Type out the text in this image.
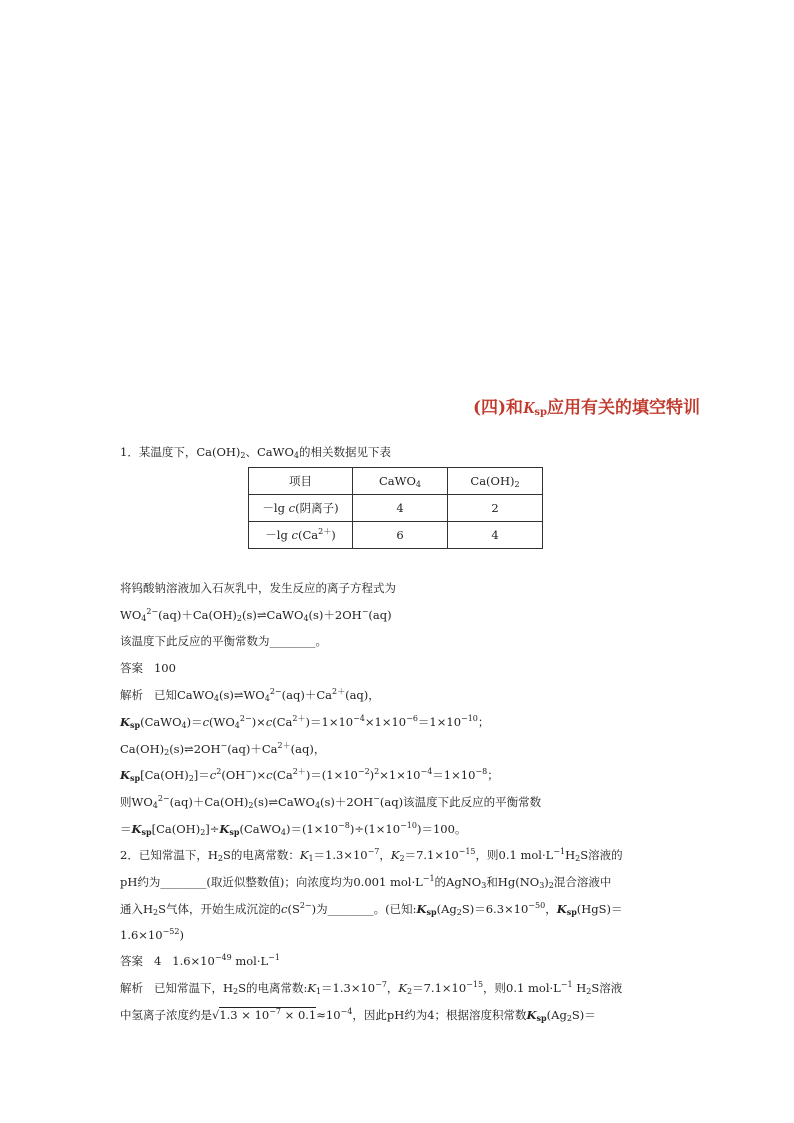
(四)和$K_{sp}$应用有关的填空特训
1．某温度下，$Ca(OH)_2$、CaWO$_4$的相关数据见下表
项目	CaWO$_4$	$Ca(OH)_2$
－lg c(阴离子)	4	2
－lg $c(Ca^{2+})$	6	4
将钨酸钠溶液加入石灰乳中，发生反应的离子方程式为
$WO_4^{2-}(aq)+Ca(OH)_2(s)\rightleftharpoons CaWO_4(s)+2OH^-(aq)$
该温度下此反应的平衡常数为________。
答案 100
解析   已知$CaWO_4(s)\rightleftharpoons WO_4^{2-}(aq)+Ca^{2+}(aq)$，
$K_{sp}(CaWO_4)=c(WO_4^{2-})\times c(Ca^{2+})=1\times 10^{-4}\times 1\times 10^{-6}=1\times 10^{-10}$；
$Ca(OH)_2(s)\rightleftharpoons 2OH^-(aq)+Ca^{2+}(aq)$，
$K_{sp}[Ca(OH)_2]=c^2(OH^-)\times c(Ca^{2+})=(1\times 10^{-2})^2\times 1\times 10^{-4}=1\times 10^{-8}$；
则$WO_4^{2-}(aq)+Ca(OH)_2(s)\rightleftharpoons CaWO_4(s)+2OH^-(aq)$该温度下此反应的平衡常数
$=K_{sp}[Ca(OH)_2]\div K_{sp}(CaWO_4)=(1\times 10^{-8})\div(1\times 10^{-10})=100$。
2．已知常温下，$H_2S$的电离常数：$K_1=1.3\times 10^{-7}$，$K_2=7.1\times 10^{-15}$，则0.1 $mol\cdot L^{-1}H_2S$溶液的
pH约为________(取近似整数值)；向浓度均为0.001 $mol\cdot L^{-1}$的AgNO$_3$和$Hg(NO_3)_2$混合溶液中
通入$H_2S$气体，开始生成沉淀的$c(S^{2-})$为________。(已知$:K_{sp}(Ag_2S)=6.3\times 10^{-50}$，$K_{sp}(HgS)=$
$1.6\times 10^{-52}$)
答案   4   $1.6\times 10^{-49}$ $mol\cdot L^{-1}$
解析   已知常温下，$H_2S$的电离常数$:K_1=1.3\times 10^{-7}$，$K_2=7.1\times 10^{-15}$，则0.1 $mol\cdot L^{-1}$ $H_2S$溶液
中氢离子浓度约是$√1.3 \times 10^{-7} \times 0.1\approx 10^{-4}$，因此pH约为4；根据溶度积常数$K_{sp}(Ag_2S)=$
